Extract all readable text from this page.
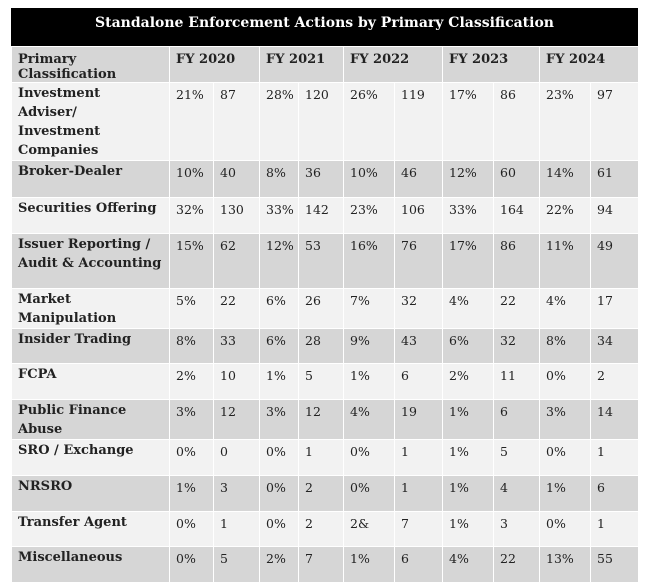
Standalone Enforcement Actions by Primary Classification
Primary Classification	FY 2020		FY 2021		FY 2022		FY 2023		FY 2024	
Investment Adviser/ Investment Companies	21%	87	28%	120	26%	119	17%	86	23%	97
Broker-Dealer	10%	40	8%	36	10%	46	12%	60	14%	61
Securities Offering	32%	130	33%	142	23%	106	33%	164	22%	94
Issuer Reporting / Audit & Accounting	15%	62	12%	53	16%	76	17%	86	11%	49
Market Manipulation	5%	22	6%	26	7%	32	4%	22	4%	17
Insider Trading	8%	33	6%	28	9%	43	6%	32	8%	34
FCPA	2%	10	1%	5	1%	6	2%	11	0%	2
Public Finance Abuse	3%	12	3%	12	4%	19	1%	6	3%	14
SRO / Exchange	0%	0	0%	1	0%	1	1%	5	0%	1
NRSRO	1%	3	0%	2	0%	1	1%	4	1%	6
Transfer Agent	0%	1	0%	2	2&	7	1%	3	0%	1
Miscellaneous	0%	5	2%	7	1%	6	4%	22	13%	55
